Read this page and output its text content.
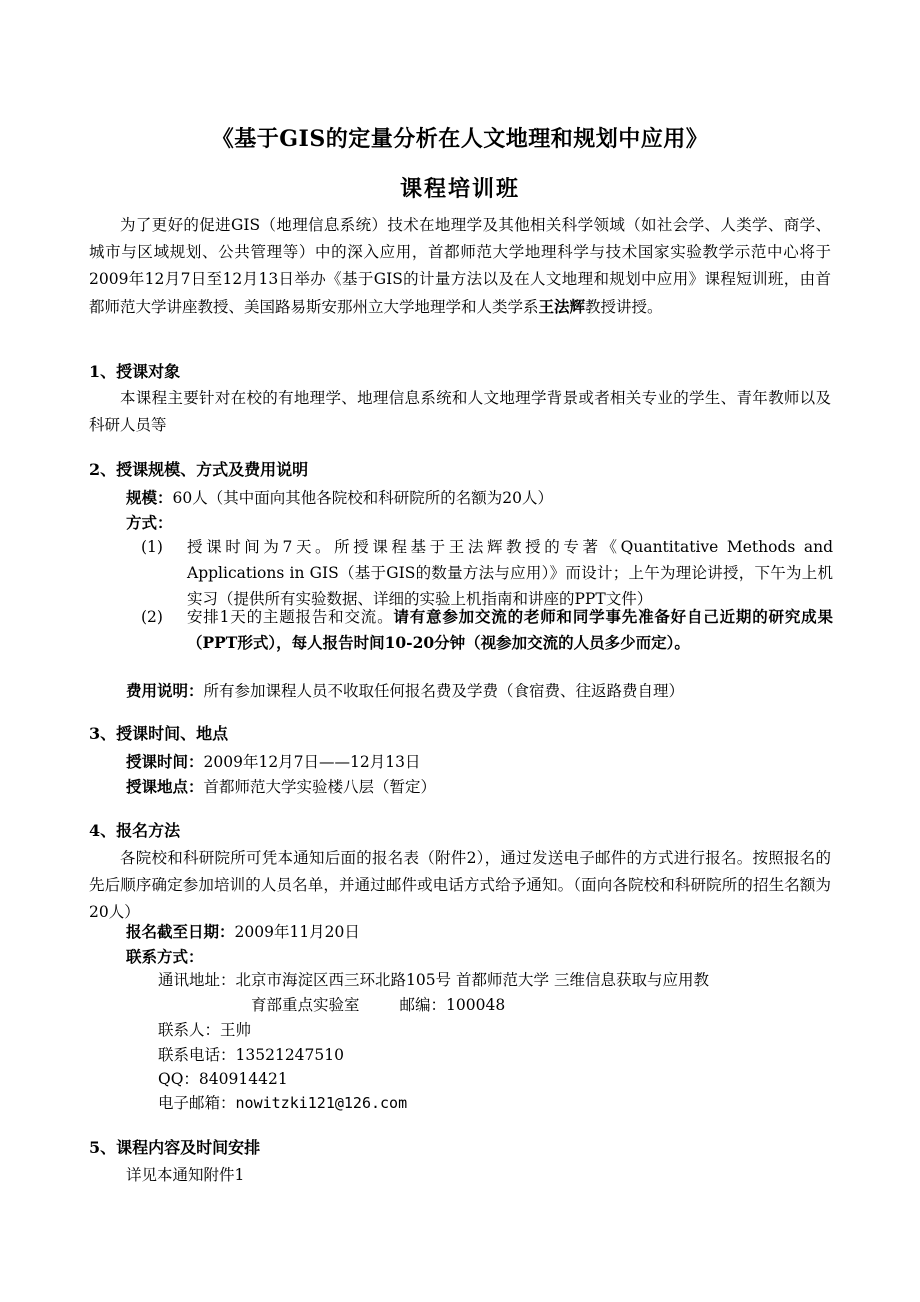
《基于GIS的定量分析在人文地理和规划中应用》
课程培训班
为了更好的促进GIS（地理信息系统）技术在地理学及其他相关科学领域（如社会学、人类学、商学、城市与区域规划、公共管理等）中的深入应用，首都师范大学地理科学与技术国家实验教学示范中心将于2009年12月7日至12月13日举办《基于GIS的计量方法以及在人文地理和规划中应用》课程短训班，由首都师范大学讲座教授、美国路易斯安那州立大学地理学和人类学系王法辉教授讲授。
1、授课对象
本课程主要针对在校的有地理学、地理信息系统和人文地理学背景或者相关专业的学生、青年教师以及科研人员等
2、授课规模、方式及费用说明
规模：60人（其中面向其他各院校和科研院所的名额为20人）
方式：
(1) 授课时间为7天。所授课程基于王法辉教授的专著《Quantitative Methods and Applications in GIS（基于GIS的数量方法与应用）》而设计；上午为理论讲授，下午为上机实习（提供所有实验数据、详细的实验上机指南和讲座的PPT文件）
(2) 安排1天的主题报告和交流。请有意参加交流的老师和同学事先准备好自己近期的研究成果（PPT形式），每人报告时间10-20分钟（视参加交流的人员多少而定）。
费用说明：所有参加课程人员不收取任何报名费及学费（食宿费、往返路费自理）
3、授课时间、地点
授课时间：2009年12月7日——12月13日
授课地点：首都师范大学实验楼八层（暂定）
4、报名方法
各院校和科研院所可凭本通知后面的报名表（附件2），通过发送电子邮件的方式进行报名。按照报名的先后顺序确定参加培训的人员名单，并通过邮件或电话方式给予通知。（面向各院校和科研院所的招生名额为20人）
报名截至日期：2009年11月20日
联系方式：
通讯地址：北京市海淀区西三环北路105号 首都师范大学 三维信息获取与应用教
育部重点实验室	邮编：100048
联系人：王帅
联系电话：13521247510
QQ：840914421
电子邮箱：nowitzki121@126.com
5、课程内容及时间安排
详见本通知附件1
